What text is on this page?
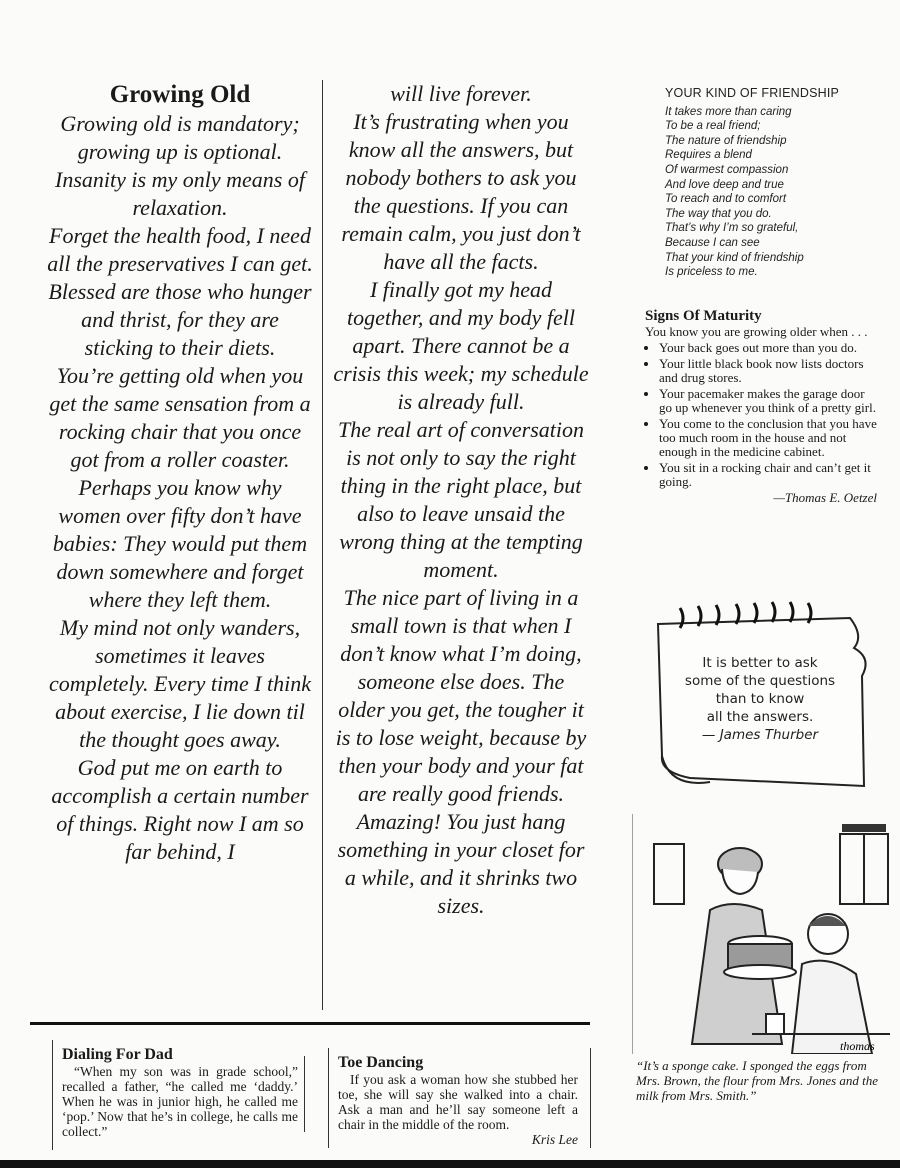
Growing Old

Growing old is mandatory; growing up is optional. Insanity is my only means of relaxation.

Forget the health food, I need all the preservatives I can get. Blessed are those who hunger and thrist, for they are sticking to their diets.

You’re getting old when you get the same sensation from a rocking chair that you once got from a roller coaster.

Perhaps you know why women over fifty don’t have babies: They would put them down somewhere and forget where they left them.

My mind not only wanders, sometimes it leaves completely. Every time I think about exercise, I lie down til the thought goes away.

God put me on earth to accomplish a certain number of things. Right now I am so far behind, I

will live forever.

It’s frustrating when you know all the answers, but nobody bothers to ask you the questions. If you can remain calm, you just don’t have all the facts.

I finally got my head together, and my body fell apart. There cannot be a crisis this week; my schedule is already full.

The real art of conversation is not only to say the right thing in the right place, but also to leave unsaid the wrong thing at the tempting moment.

The nice part of living in a small town is that when I don’t know what I’m doing, someone else does. The older you get, the tougher it is to lose weight, because by then your body and your fat are really good friends. Amazing! You just hang something in your closet for a while, and it shrinks two sizes.

YOUR KIND OF FRIENDSHIP
It takes more than caring
To be a real friend;
The nature of friendship
Requires a blend
Of warmest compassion
And love deep and true
To reach and to comfort
The way that you do.
That’s why I’m so grateful,
Because I can see
That your kind of friendship
Is priceless to me.
Signs Of Maturity
You know you are growing older when . . .
• Your back goes out more than you do.
• Your little black book now lists doctors and drug stores.
• Your pacemaker makes the garage door go up whenever you think of a pretty girl.
• You come to the conclusion that you have too much room in the house and not enough in the medicine cabinet.
• You sit in a rocking chair and can’t get it going.
—Thomas E. Oetzel
It is better to ask
some of the questions
than to know
all the answers.
— James Thurber
thomas
“It’s a sponge cake. I sponged the eggs from Mrs. Brown, the flour from Mrs. Jones and the milk from Mrs. Smith.”
Dialing For Dad
“When my son was in grade school,” recalled a father, “he called me ‘daddy.’ When he was in junior high, he called me ‘pop.’ Now that he’s in college, he calls me collect.”
Toe Dancing
If you ask a woman how she stubbed her toe, she will say she walked into a chair. Ask a man and he’ll say someone left a chair in the middle of the room.
Kris Lee
